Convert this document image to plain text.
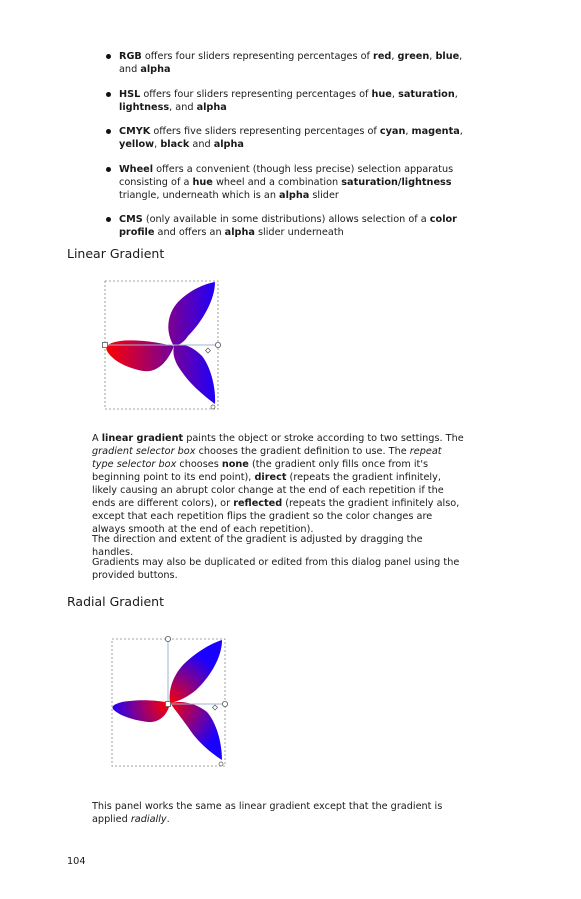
RGB offers four sliders representing percentages of red, green, blue, and alpha
HSL offers four sliders representing percentages of hue, saturation, lightness, and alpha
CMYK offers five sliders representing percentages of cyan, magenta, yellow, black and alpha
Wheel offers a convenient (though less precise) selection apparatus consisting of a hue wheel and a combination saturation/lightness triangle, underneath which is an alpha slider
CMS (only available in some distributions) allows selection of a color profile and offers an alpha slider underneath
Linear Gradient

A linear gradient paints the object or stroke according to two settings. The gradient selector box chooses the gradient definition to use. The repeat type selector box chooses none (the gradient only fills once from it's beginning point to its end point), direct (repeats the gradient infinitely, likely causing an abrupt color change at the end of each repetition if the ends are different colors), or reflected (repeats the gradient infinitely also, except that each repetition flips the gradient so the color changes are always smooth at the end of each repetition).

The direction and extent of the gradient is adjusted by dragging the handles.

Gradients may also be duplicated or edited from this dialog panel using the provided buttons.

Radial Gradient

This panel works the same as linear gradient except that the gradient is applied radially.

104
